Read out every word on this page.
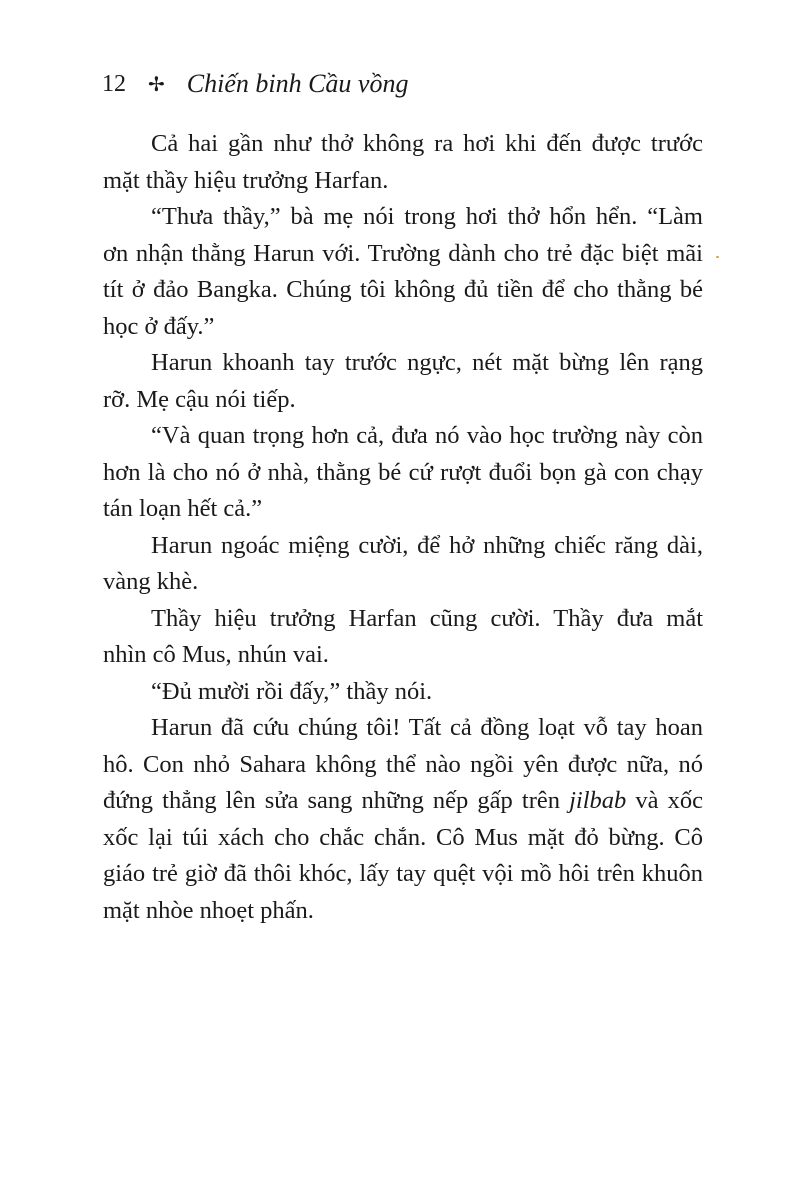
12 ✢ Chiến binh Cầu vồng
Cả hai gần như thở không ra hơi khi đến được trước
mặt thầy hiệu trưởng Harfan.
“Thưa thầy,” bà mẹ nói trong hơi thở hổn hển. “Làm
ơn nhận thằng Harun với. Trường dành cho trẻ đặc biệt mãi
tít ở đảo Bangka. Chúng tôi không đủ tiền để cho thằng bé
học ở đấy.”
Harun khoanh tay trước ngực, nét mặt bừng lên rạng
rỡ. Mẹ cậu nói tiếp.
“Và quan trọng hơn cả, đưa nó vào học trường này còn
hơn là cho nó ở nhà, thằng bé cứ rượt đuổi bọn gà con chạy
tán loạn hết cả.”
Harun ngoác miệng cười, để hở những chiếc răng dài,
vàng khè.
Thầy hiệu trưởng Harfan cũng cười. Thầy đưa mắt
nhìn cô Mus, nhún vai.
“Đủ mười rồi đấy,” thầy nói.
Harun đã cứu chúng tôi! Tất cả đồng loạt vỗ tay hoan
hô. Con nhỏ Sahara không thể nào ngồi yên được nữa, nó
đứng thẳng lên sửa sang những nếp gấp trên jilbab và xốc
xốc lại túi xách cho chắc chắn. Cô Mus mặt đỏ bừng. Cô
giáo trẻ giờ đã thôi khóc, lấy tay quệt vội mồ hôi trên khuôn
mặt nhòe nhoẹt phấn.
